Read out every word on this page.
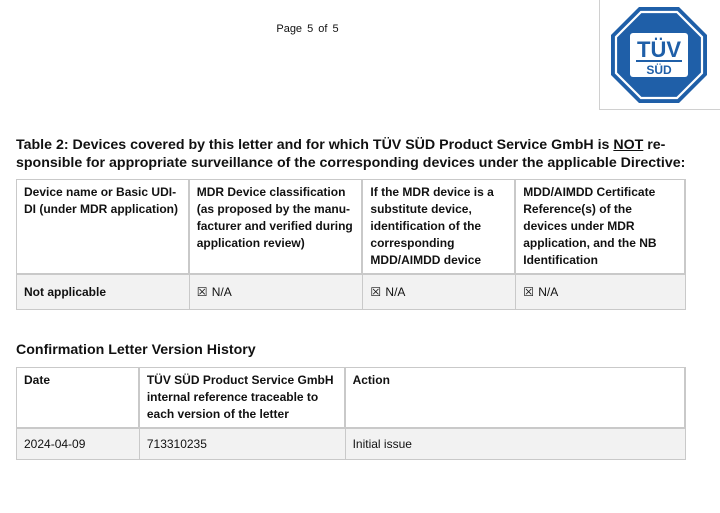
Page 5 of 5
TÜV
SÜD

Table 2: Devices covered by this letter and for which TÜV SÜD Product Service GmbH is NOT re-sponsible for appropriate surveillance of the corresponding devices under the applicable Directive:

Device name or Basic UDI-DI (under MDR application)	MDR Device classification (as proposed by the manu-facturer and verified during application review)	If the MDR device is a substitute device, identification of the corresponding MDD/AIMDD device	MDD/AIMDD Certificate Reference(s) of the devices under MDR application, and the NB Identification
Not applicable	☒ N/A	☒ N/A	☒ N/A
Confirmation Letter Version History
Date	TÜV SÜD Product Service GmbH internal reference traceable to each version of the letter	Action
2024-04-09	713310235	Initial issue
